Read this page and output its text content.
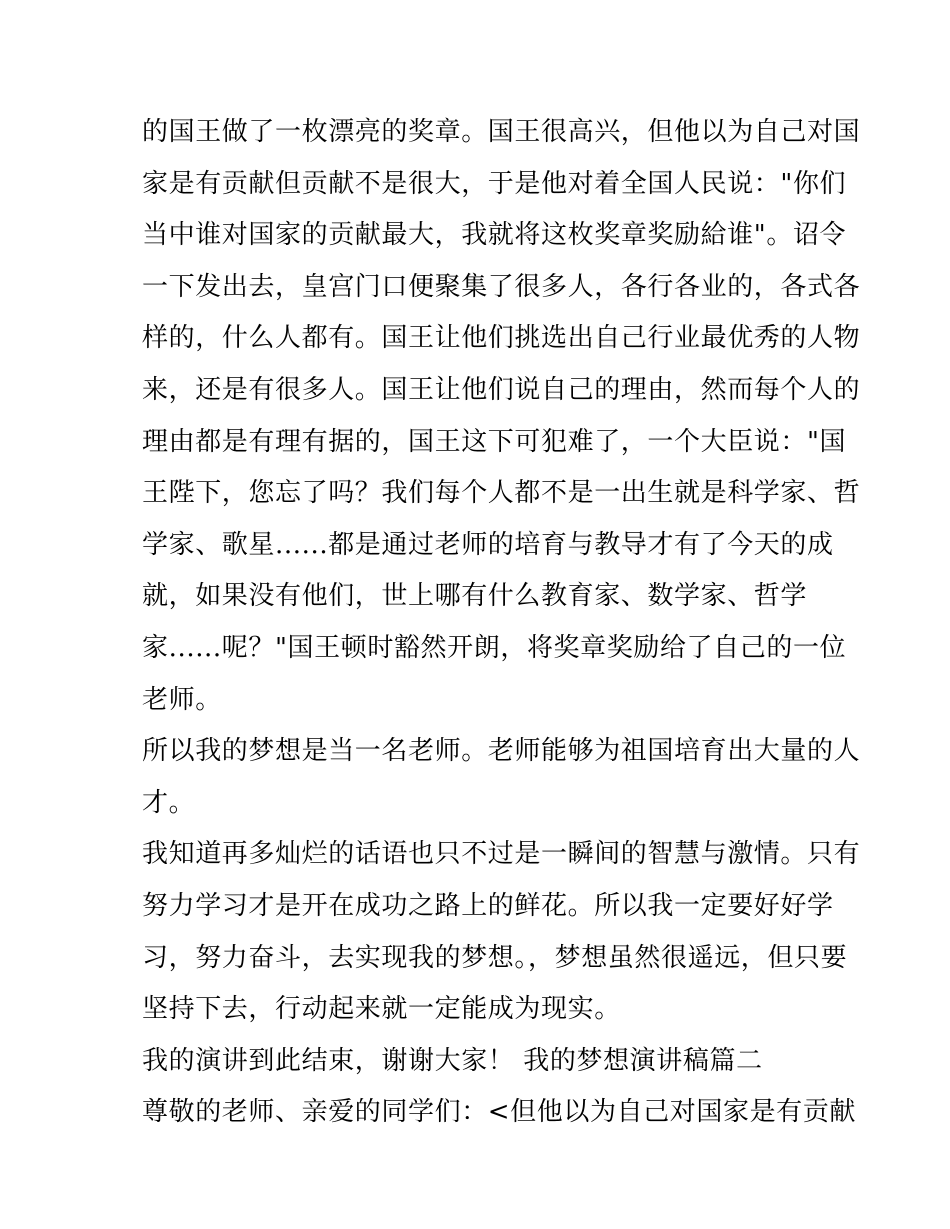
的国王做了一枚漂亮的奖章。国王很高兴，但他以为自己对国
家是有贡献但贡献不是很大，于是他对着全国人民说："你们
当中谁对国家的贡献最大，我就将这枚奖章奖励給谁"。诏令
一下发出去，皇宫门口便聚集了很多人，各行各业的，各式各
样的，什么人都有。国王让他们挑选出自己行业最优秀的人物
来，还是有很多人。国王让他们说自己的理由，然而每个人的
理由都是有理有据的，国王这下可犯难了，一个大臣说："国
王陛下，您忘了吗？我们每个人都不是一出生就是科学家、哲
学家、歌星......都是通过老师的培育与教导才有了今天的成
就，如果没有他们，世上哪有什么教育家、数学家、哲学
家......呢？"国王顿时豁然开朗，将奖章奖励给了自己的一位
老师。
所以我的梦想是当一名老师。老师能够为祖国培育出大量的人
才。
我知道再多灿烂的话语也只不过是一瞬间的智慧与激情。只有
努力学习才是开在成功之路上的鲜花。所以我一定要好好学
习，努力奋斗，去实现我的梦想。，梦想虽然很遥远，但只要
坚持下去，行动起来就一定能成为现实。
我的演讲到此结束，谢谢大家！ 我的梦想演讲稿篇二
尊敬的老师、亲爱的同学们：<但他以为自己对国家是有贡献
